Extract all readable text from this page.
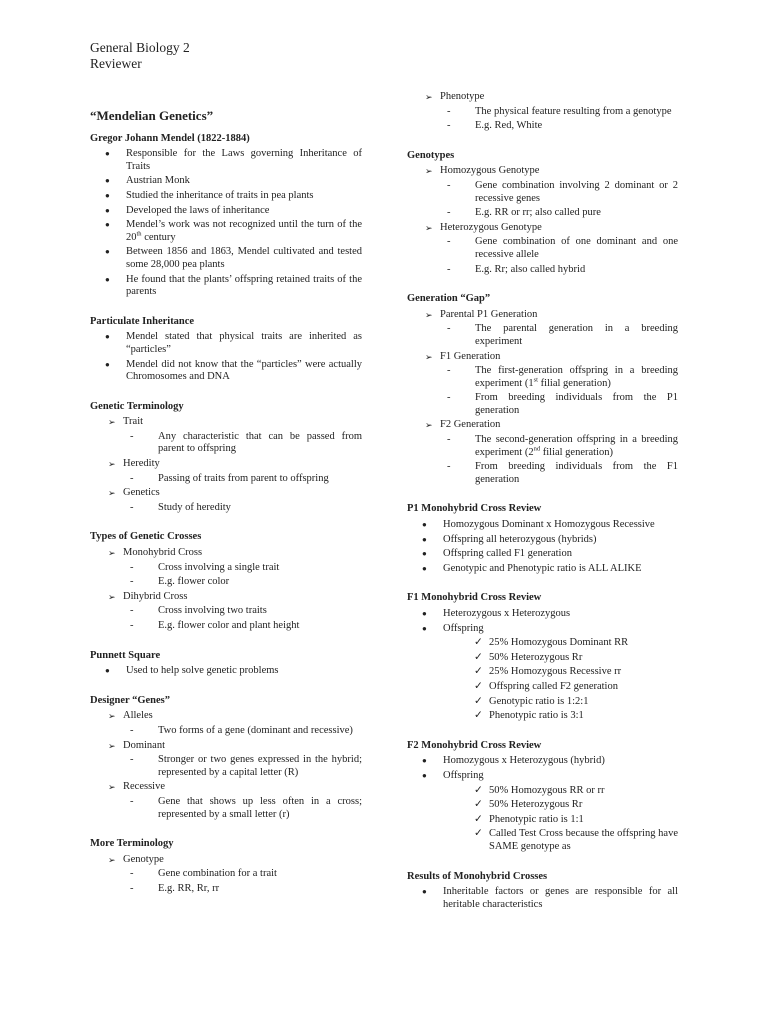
General Biology 2
Reviewer
“Mendelian Genetics”
Gregor Johann Mendel (1822-1884)
●	Responsible for the Laws governing Inheritance of Traits
●	Austrian Monk
●	Studied the inheritance of traits in pea plants
●	Developed the laws of inheritance
●	Mendel’s work was not recognized until the turn of the 20th century
●	Between 1856 and 1863, Mendel cultivated and tested some 28,000 pea plants
●	He found that the plants’ offspring retained traits of the parents
Particulate Inheritance
●	Mendel stated that physical traits are inherited as “particles”
●	Mendel did not know that the “particles” were actually Chromosomes and DNA
Genetic Terminology
➢ Trait
-	Any characteristic that can be passed from parent to offspring
➢ Heredity
-	Passing of traits from parent to offspring
➢ Genetics
-	Study of heredity
Types of Genetic Crosses
➢ Monohybrid Cross
-	Cross involving a single trait
-	E.g. flower color
➢ Dihybrid Cross
-	Cross involving two traits
-	E.g. flower color and plant height
Punnett Square
●	Used to help solve genetic problems
Designer “Genes”
➢ Alleles
-	Two forms of a gene (dominant and recessive)
➢ Dominant
-	Stronger or two genes expressed in the hybrid; represented by a capital letter (R)
➢ Recessive
-	Gene that shows up less often in a cross; represented by a small letter (r)
More Terminology
➢ Genotype
-	Gene combination for a trait
-	E.g. RR, Rr, rr
➢ Phenotype
-	The physical feature resulting from a genotype
-	E.g. Red, White
Genotypes
➢ Homozygous Genotype
-	Gene combination involving 2 dominant or 2 recessive genes
-	E.g. RR or rr; also called pure
➢ Heterozygous Genotype
-	Gene combination of one dominant and one recessive allele
-	E.g. Rr; also called hybrid
Generation “Gap”
➢ Parental P1 Generation
-	The parental generation in a breeding experiment
➢ F1 Generation
-	The first-generation offspring in a breeding experiment (1st filial generation)
-	From breeding individuals from the P1 generation
➢ F2 Generation
-	The second-generation offspring in a breeding experiment (2nd filial generation)
-	From breeding individuals from the F1 generation
P1 Monohybrid Cross Review
●	Homozygous Dominant x Homozygous Recessive
●	Offspring all heterozygous (hybrids)
●	Offspring called F1 generation
●	Genotypic and Phenotypic ratio is ALL ALIKE
F1 Monohybrid Cross Review
●	Heterozygous x Heterozygous
●	Offspring
✓ 25% Homozygous Dominant RR
✓ 50% Heterozygous Rr
✓ 25% Homozygous Recessive rr
✓ Offspring called F2 generation
✓ Genotypic ratio is 1:2:1
✓ Phenotypic ratio is 3:1
F2 Monohybrid Cross Review
●	Homozygous x Heterozygous (hybrid)
●	Offspring
✓ 50% Homozygous RR or rr
✓ 50% Heterozygous Rr
✓ Phenotypic ratio is 1:1
✓ Called Test Cross because the offspring have SAME genotype as
Results of Monohybrid Crosses
●	Inheritable factors or genes are responsible for all heritable characteristics
